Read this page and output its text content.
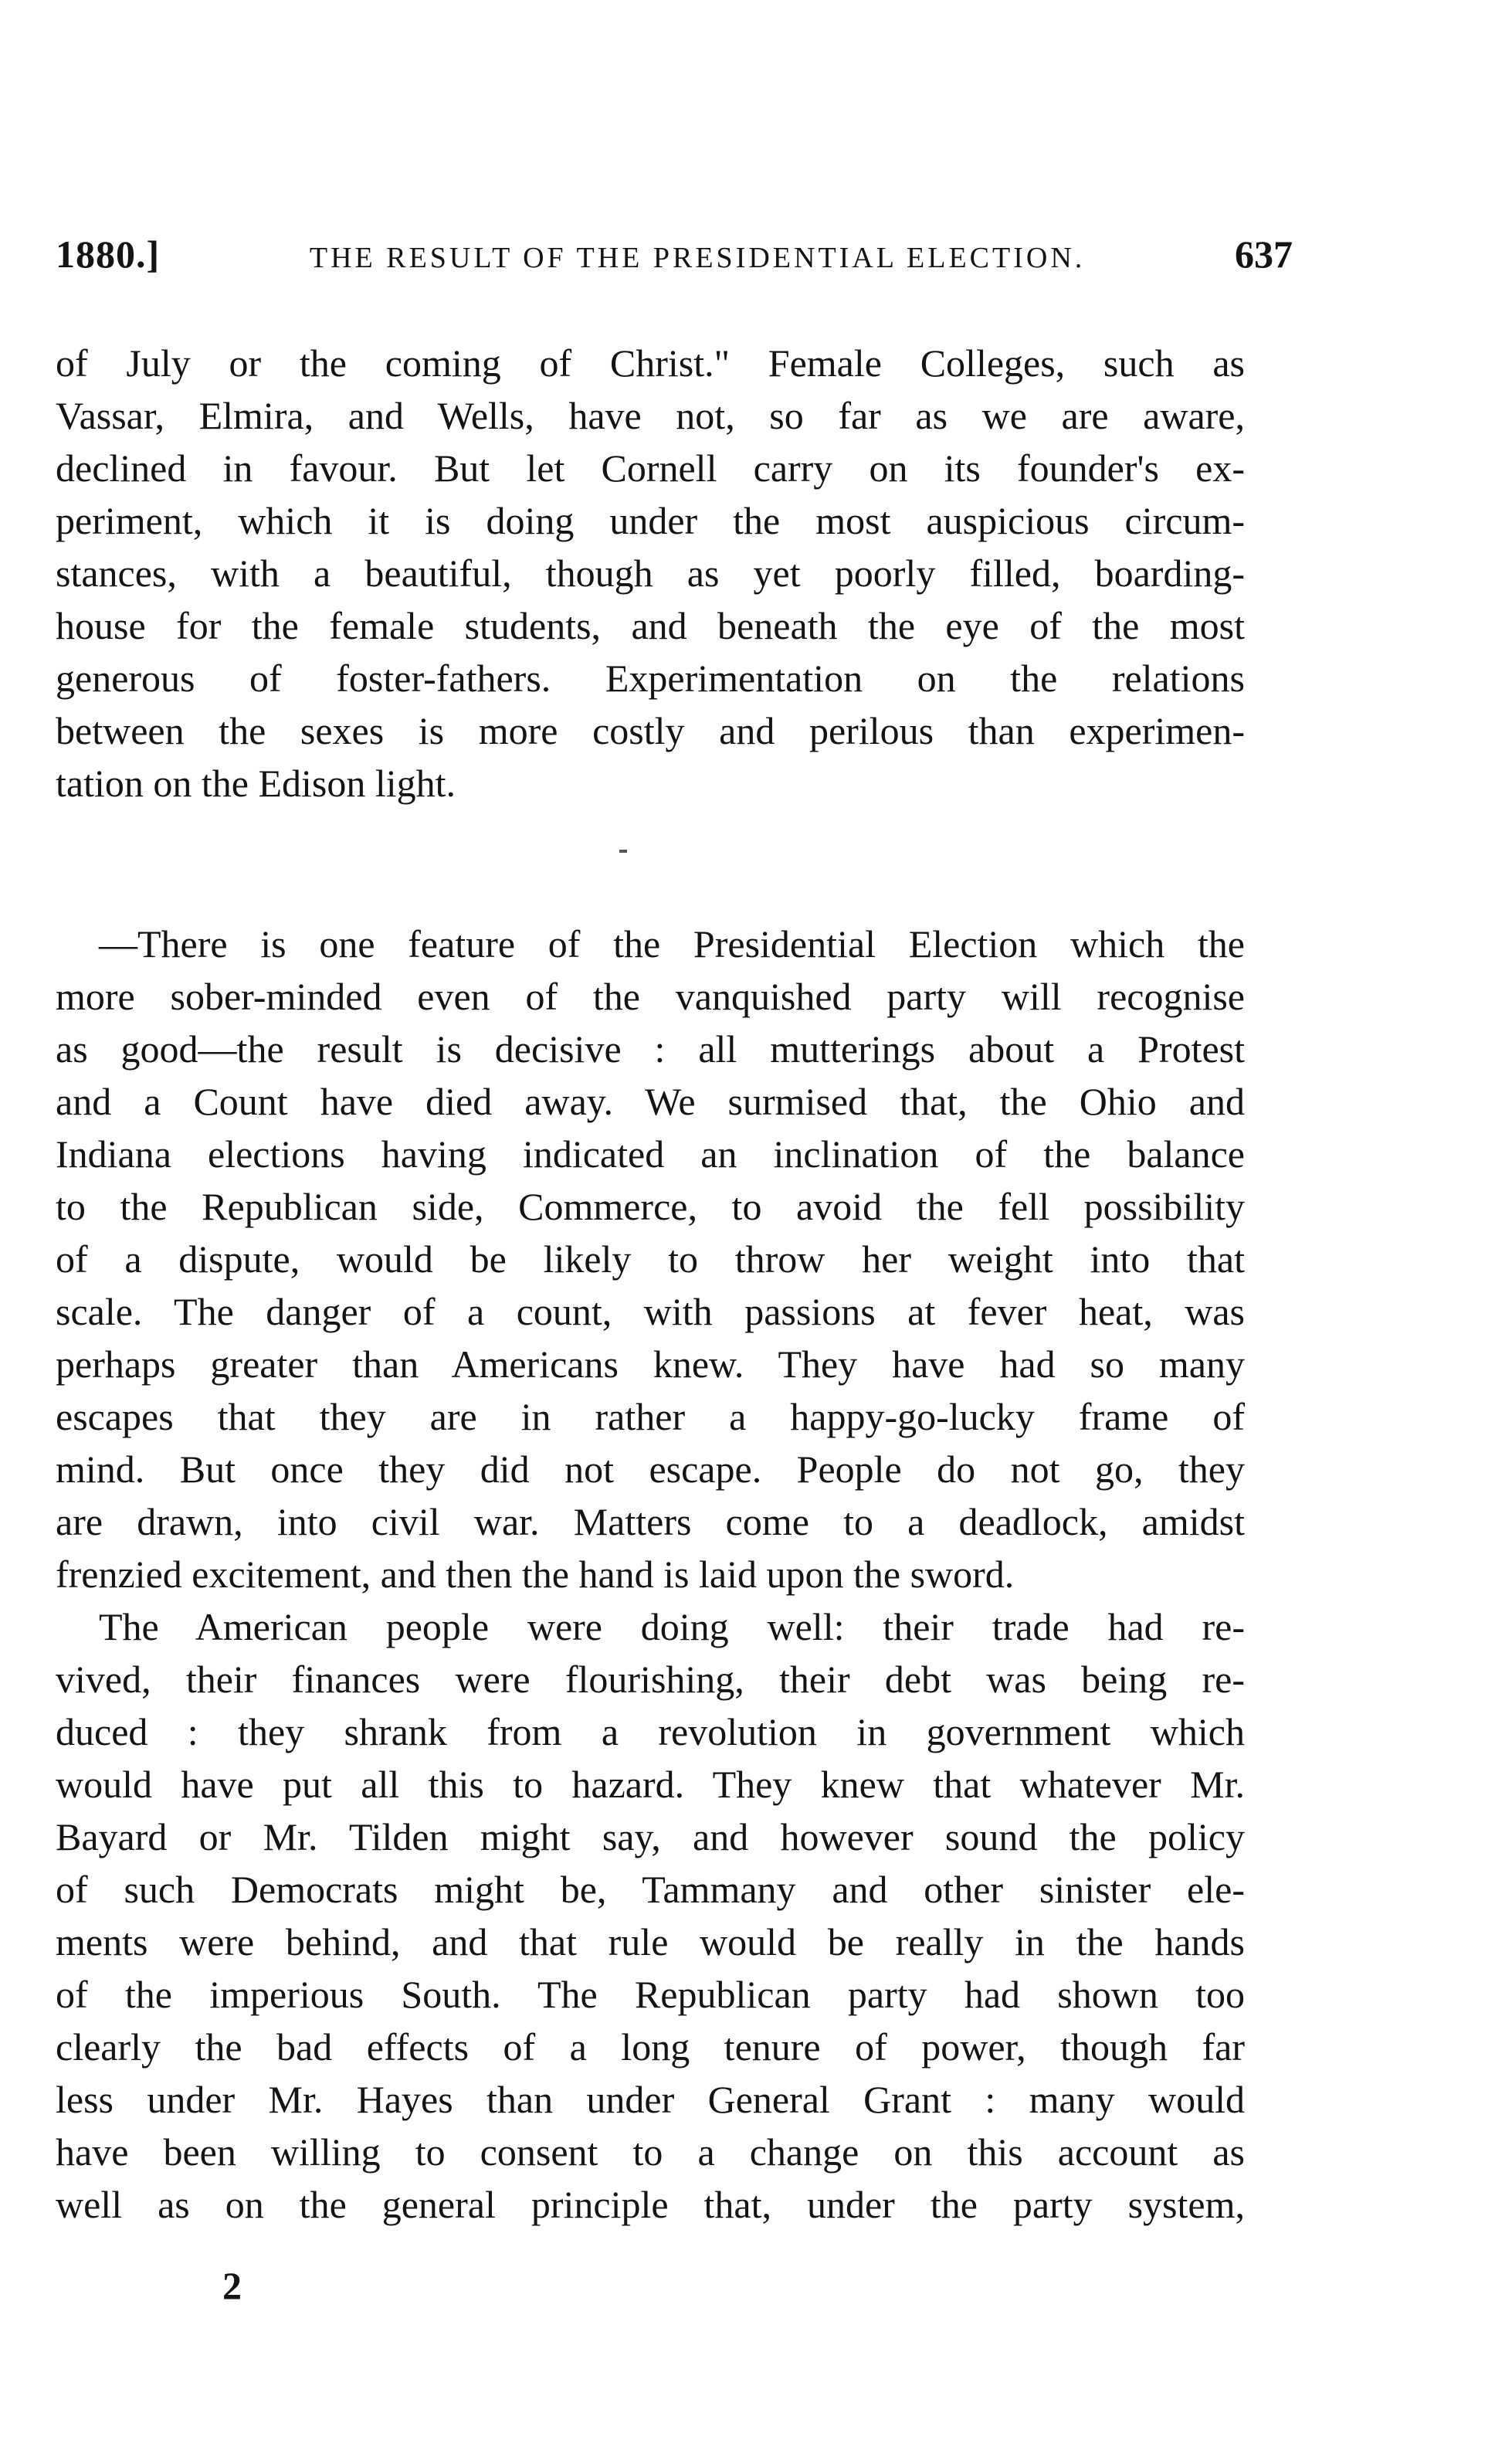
1880.]	THE RESULT OF THE PRESIDENTIAL ELECTION.	637
of July or the coming of Christ." Female Colleges, such as
Vassar, Elmira, and Wells, have not, so far as we are aware,
declined in favour. But let Cornell carry on its founder's ex-
periment, which it is doing under the most auspicious circum-
stances, with a beautiful, though as yet poorly filled, boarding-
house for the female students, and beneath the eye of the most
generous of foster-fathers. Experimentation on the relations
between the sexes is more costly and perilous than experimen-
tation on the Edison light.
—There is one feature of the Presidential Election which the
more sober-minded even of the vanquished party will recognise
as good—the result is decisive : all mutterings about a Protest
and a Count have died away. We surmised that, the Ohio and
Indiana elections having indicated an inclination of the balance
to the Republican side, Commerce, to avoid the fell possibility
of a dispute, would be likely to throw her weight into that
scale. The danger of a count, with passions at fever heat, was
perhaps greater than Americans knew. They have had so many
escapes that they are in rather a happy-go-lucky frame of
mind. But once they did not escape. People do not go, they
are drawn, into civil war. Matters come to a deadlock, amidst
frenzied excitement, and then the hand is laid upon the sword.
The American people were doing well: their trade had re-
vived, their finances were flourishing, their debt was being re-
duced : they shrank from a revolution in government which
would have put all this to hazard. They knew that whatever Mr.
Bayard or Mr. Tilden might say, and however sound the policy
of such Democrats might be, Tammany and other sinister ele-
ments were behind, and that rule would be really in the hands
of the imperious South. The Republican party had shown too
clearly the bad effects of a long tenure of power, though far
less under Mr. Hayes than under General Grant : many would
have been willing to consent to a change on this account as
well as on the general principle that, under the party system,
2
